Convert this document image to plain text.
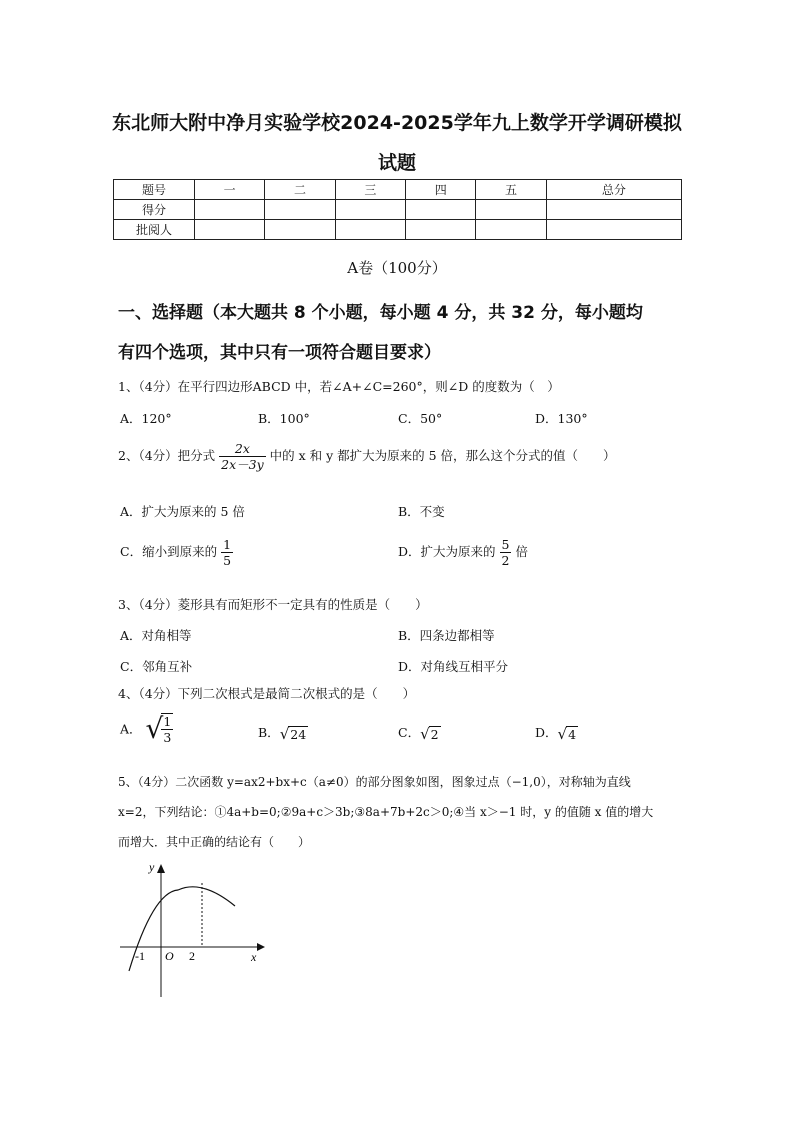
东北师大附中净月实验学校2024-2025学年九上数学开学调研模拟
试题
题号	一	二	三	四	五	总分
得分						
批阅人						
A卷（100分）
一、选择题（本大题共 8 个小题，每小题 4 分，共 32 分，每小题均
有四个选项，其中只有一项符合题目要求）
1、（4分）在平行四边形ABCD 中，若∠A+∠C=260°，则∠D 的度数为（　）
A．120°	B．100°	C．50°	D．130°
2、（4分）把分式 $\frac{2x}{2x-3y}$ 中的 x 和 y 都扩大为原来的 5 倍，那么这个分式的值（　　）
A．扩大为原来的 5 倍	B．不变
C．缩小到原来的 $\frac{1}{5}$	D．扩大为原来的 $\frac{5}{2}$ 倍
3、（4分）菱形具有而矩形不一定具有的性质是（　　）
A．对角相等	B．四条边都相等
C．邻角互补	D．对角线互相平分
4、（4分）下列二次根式是最简二次根式的是（　　）
A． √
$\frac{1}{3}$	B．√24	C．√2	D．√4
5、（4分）二次函数 y=ax2+bx+c（a≠0）的部分图象如图，图象过点（−1,0），对称轴为直线
x=2，下列结论：①4a+b=0;②9a+c＞3b;③8a+7b+2c＞0;④当 x＞−1 时，y 的值随 x 值的增大
而增大．其中正确的结论有（　　）
y
x
O
-1	2
